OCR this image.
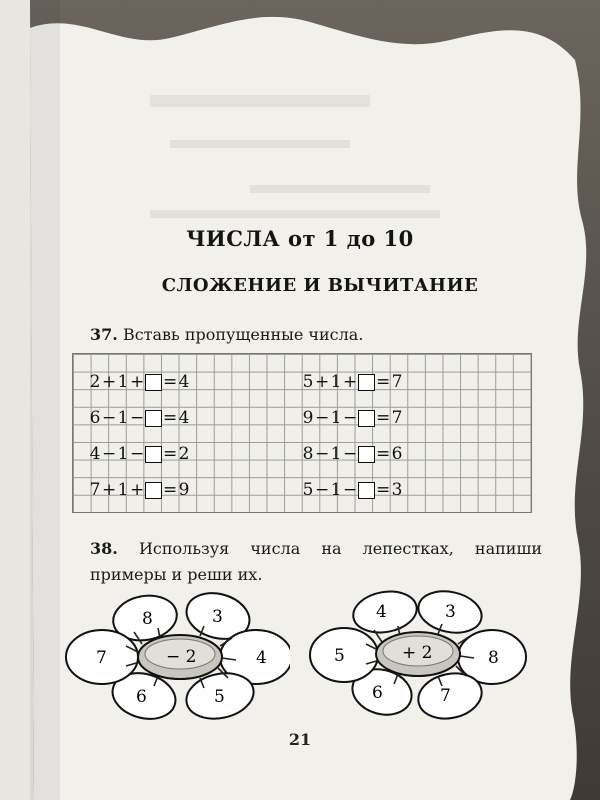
ЧИСЛА от 1 до 10
СЛОЖЕНИЕ И ВЫЧИТАНИЕ
37. Вставь пропущенные числа.
2 + 1 + = 4
6 − 1 − = 4
4 − 1 − = 2
7 + 1 + = 9
5 + 1 + = 7
9 − 1 − = 7
8 − 1 − = 6
5 − 1 − = 3
38. Используя числа на лепестках, напиши примеры и реши их.
8	3
4
5
6
7	− 2
4	3
8
7
6
5	+ 2
21
